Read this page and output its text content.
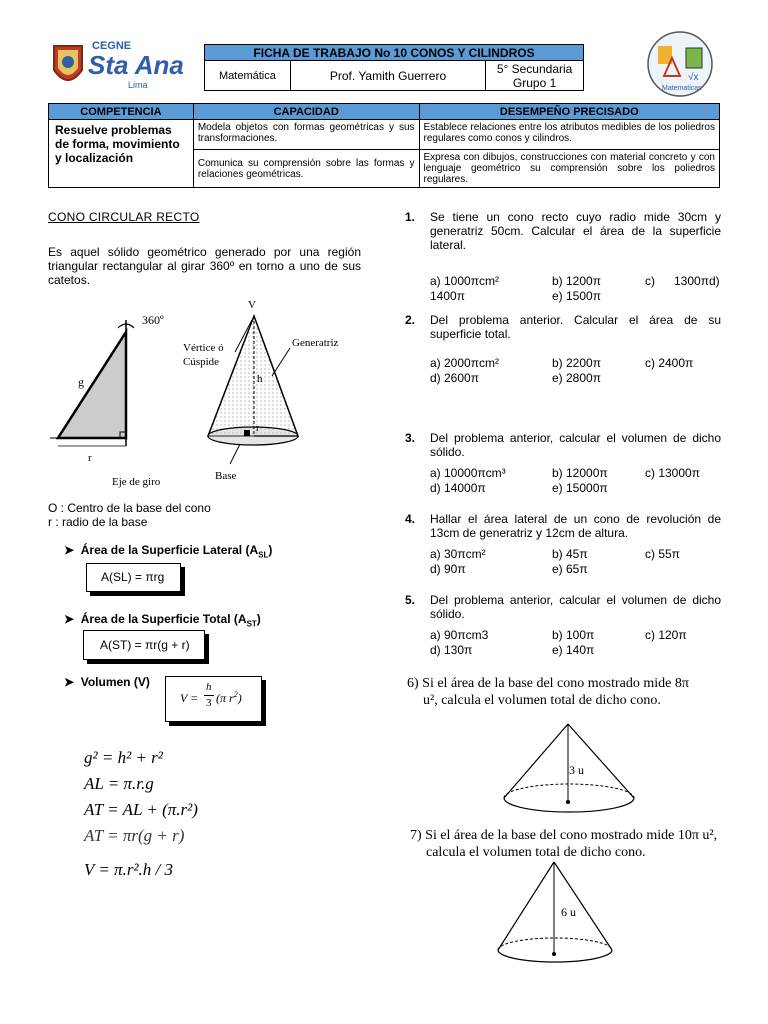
CEGNE
Sta Ana
Lima
√x
Matematicas
FICHA DE TRABAJO No 10 CONOS Y CILINDROS
Matemática	Prof. Yamith Guerrero	5° Secundaria
Grupo 1
COMPETENCIA	CAPACIDAD	DESEMPEÑO PRECISADO
Resuelve problemas de forma, movimiento y localización	Modela objetos con formas geométricas y sus transformaciones.	Establece relaciones entre los atributos medibles de los poliedros regulares como conos y cilindros.
	Comunica su comprensión sobre las formas y relaciones geométricas.	Expresa con dibujos, construcciones con material concreto y con lenguaje geométrico su comprensión sobre los poliedros regulares.
CONO CIRCULAR RECTO
Es aquel sólido geométrico generado por una región triangular rectangular al girar 360º en torno a uno de sus catetos.
360º
g
r
Eje de giro
V
Vértice ó
Cúspide
Generatriz
h
r
Base
O : Centro de la base del cono
r : radio de la base
➤  Área de la Superficie Lateral $(A_{SL})$
A(SL) = πrg
➤  Área de la Superficie Total $(A_{ST})$
A(ST) = πr(g + r)
➤  Volumen (V)
V =
h
3 (π $r^2$)
g² = h² + r²
AL = π.r.g
AT = AL + (π.r²)
AT = πr(g + r)
V = π.r².h / 3
1. Se tiene un cono recto cuyo radio mide 30cm y generatriz 50cm. Calcular el área de la superficie lateral.
a) 1000πcm²	b) 1200π	c) 1300πd)
1400π	e) 1500π
2. Del problema anterior. Calcular el área de su superficie total.
a) 2000πcm²	b) 2200π	c) 2400π
d) 2600π	e) 2800π
3. Del problema anterior, calcular el volumen de dicho sólido.
a) 10000πcm³	b) 12000π	c) 13000π
d) 14000π	e) 15000π
4. Hallar el área lateral de un cono de revolución de 13cm de generatriz y 12cm de altura.
a) 30πcm²	b) 45π	c) 55π
d) 90π	e) 65π
5. Del problema anterior, calcular el volumen de dicho sólido.
a) 90πcm3	b) 100π	c) 120π
d) 130π	e) 140π
6) Si el área de la base del cono mostrado mide 8π
u², calcula el volumen total de dicho cono.
3 u
7) Si el área de la base del cono mostrado mide 10π u²,
calcula el volumen total de dicho cono.
6 u
